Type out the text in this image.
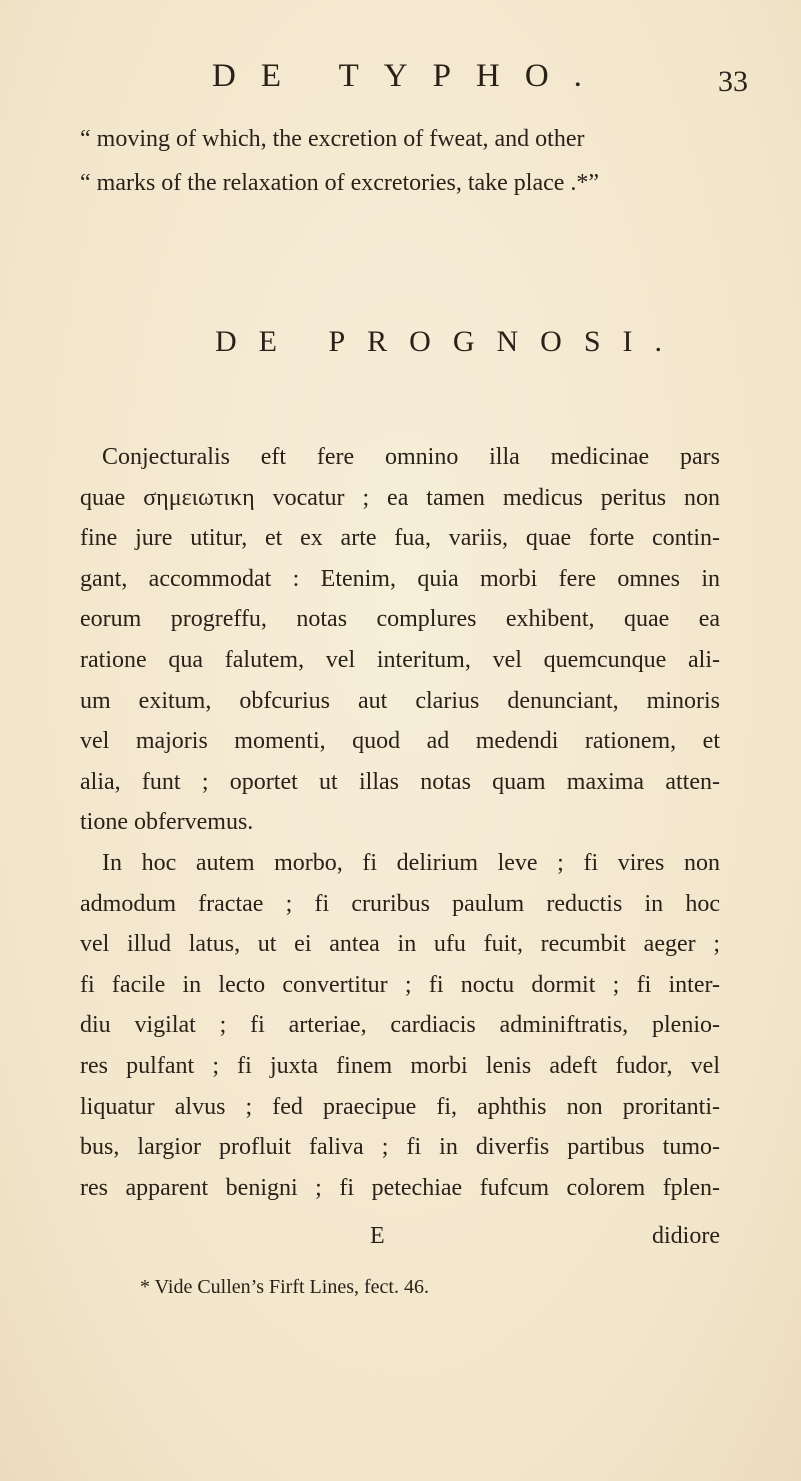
DE TYPHO.	33
“ moving of which, the excretion of fweat, and other
“ marks of the relaxation of excretories, take place .*”
DE PROGNOSI.
Conjecturalis eft fere omnino illa medicinae pars
quae σημειωτικη vocatur ; ea tamen medicus peritus non
fine jure utitur, et ex arte fua, variis, quae forte contin-
gant, accommodat : Etenim, quia morbi fere omnes in
eorum progreffu, notas complures exhibent, quae ea
ratione qua falutem, vel interitum, vel quemcunque ali-
um exitum, obfcurius aut clarius denunciant, minoris
vel majoris momenti, quod ad medendi rationem, et
alia, funt ; oportet ut illas notas quam maxima atten-
tione obfervemus.
In hoc autem morbo, fi delirium leve ; fi vires non
admodum fractae ; fi cruribus paulum reductis in hoc
vel illud latus, ut ei antea in ufu fuit, recumbit aeger ;
fi facile in lecto convertitur ; fi noctu dormit ; fi inter-
diu vigilat ; fi arteriae, cardiacis adminiftratis, plenio-
res pulfant ; fi juxta finem morbi lenis adeft fudor, vel
liquatur alvus ; fed praecipue fi, aphthis non proritanti-
bus, largior profluit faliva ; fi in diverfis partibus tumo-
res apparent benigni ; fi petechiae fufcum colorem fplen-
E	didiore
* Vide Cullen’s Firft Lines, fect. 46.
